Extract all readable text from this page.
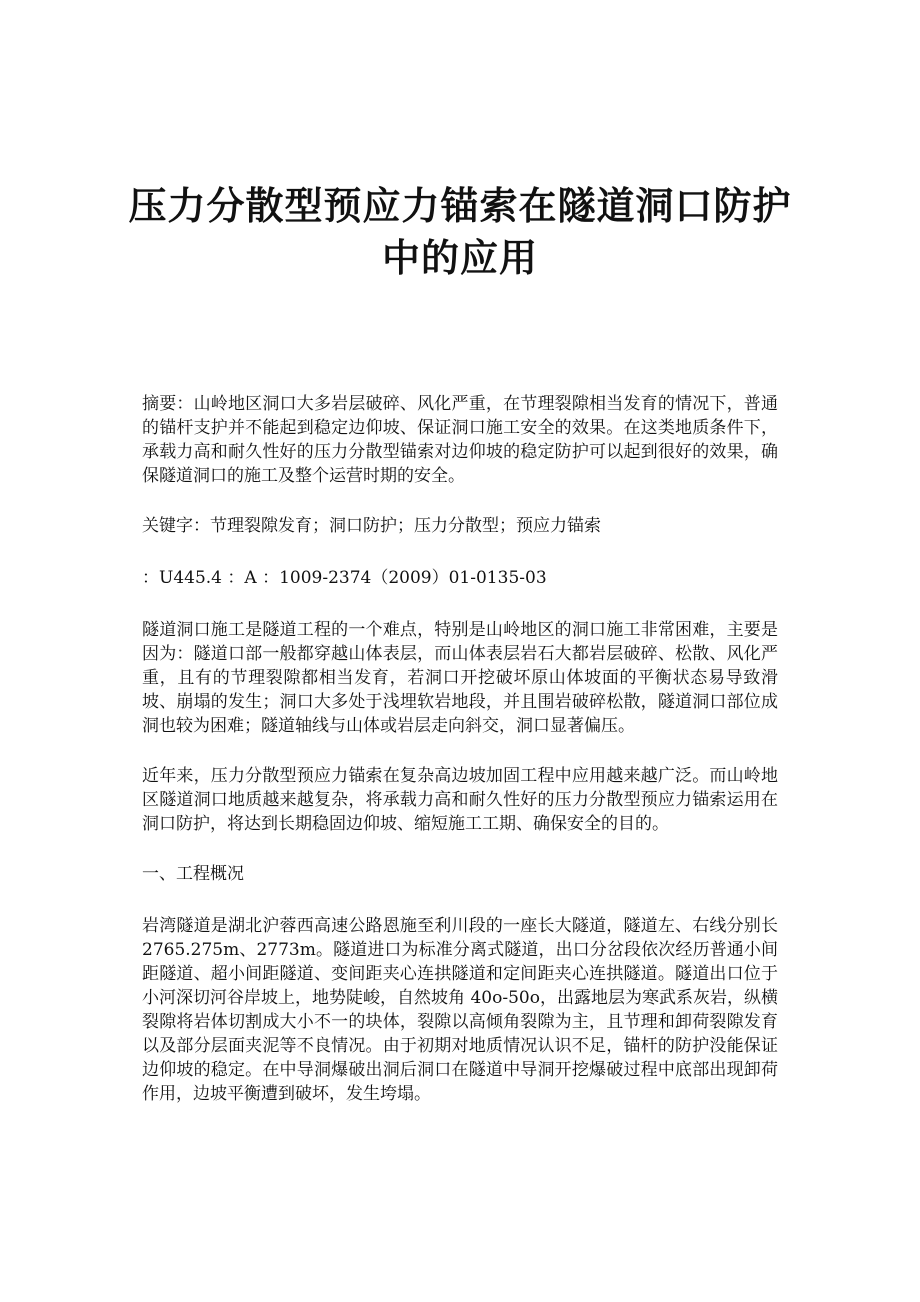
压力分散型预应力锚索在隧道洞口防护
中的应用

摘要：山岭地区洞口大多岩层破碎、风化严重，在节理裂隙相当发育的情况下，普通的锚杆支护并不能起到稳定边仰坡、保证洞口施工安全的效果。在这类地质条件下，承载力高和耐久性好的压力分散型锚索对边仰坡的稳定防护可以起到很好的效果，确保隧道洞口的施工及整个运营时期的安全。

关键字：节理裂隙发育；洞口防护；压力分散型；预应力锚索

：U445.4 ：A ：1009-2374（2009）01-0135-03

隧道洞口施工是隧道工程的一个难点，特别是山岭地区的洞口施工非常困难，主要是因为：隧道口部一般都穿越山体表层，而山体表层岩石大都岩层破碎、松散、风化严重，且有的节理裂隙都相当发育，若洞口开挖破坏原山体坡面的平衡状态易导致滑坡、崩塌的发生；洞口大多处于浅埋软岩地段，并且围岩破碎松散，隧道洞口部位成洞也较为困难；隧道轴线与山体或岩层走向斜交，洞口显著偏压。

近年来，压力分散型预应力锚索在复杂高边坡加固工程中应用越来越广泛。而山岭地区隧道洞口地质越来越复杂，将承载力高和耐久性好的压力分散型预应力锚索运用在洞口防护，将达到长期稳固边仰坡、缩短施工工期、确保安全的目的。

一、工程概况

岩湾隧道是湖北沪蓉西高速公路恩施至利川段的一座长大隧道，隧道左、右线分别长 2765.275m、2773m。隧道进口为标准分离式隧道，出口分岔段依次经历普通小间距隧道、超小间距隧道、变间距夹心连拱隧道和定间距夹心连拱隧道。隧道出口位于小河深切河谷岸坡上，地势陡峻，自然坡角 40o-50o，出露地层为寒武系灰岩，纵横裂隙将岩体切割成大小不一的块体，裂隙以高倾角裂隙为主，且节理和卸荷裂隙发育以及部分层面夹泥等不良情况。由于初期对地质情况认识不足，锚杆的防护没能保证边仰坡的稳定。在中导洞爆破出洞后洞口在隧道中导洞开挖爆破过程中底部出现卸荷作用，边坡平衡遭到破坏，发生垮塌。
